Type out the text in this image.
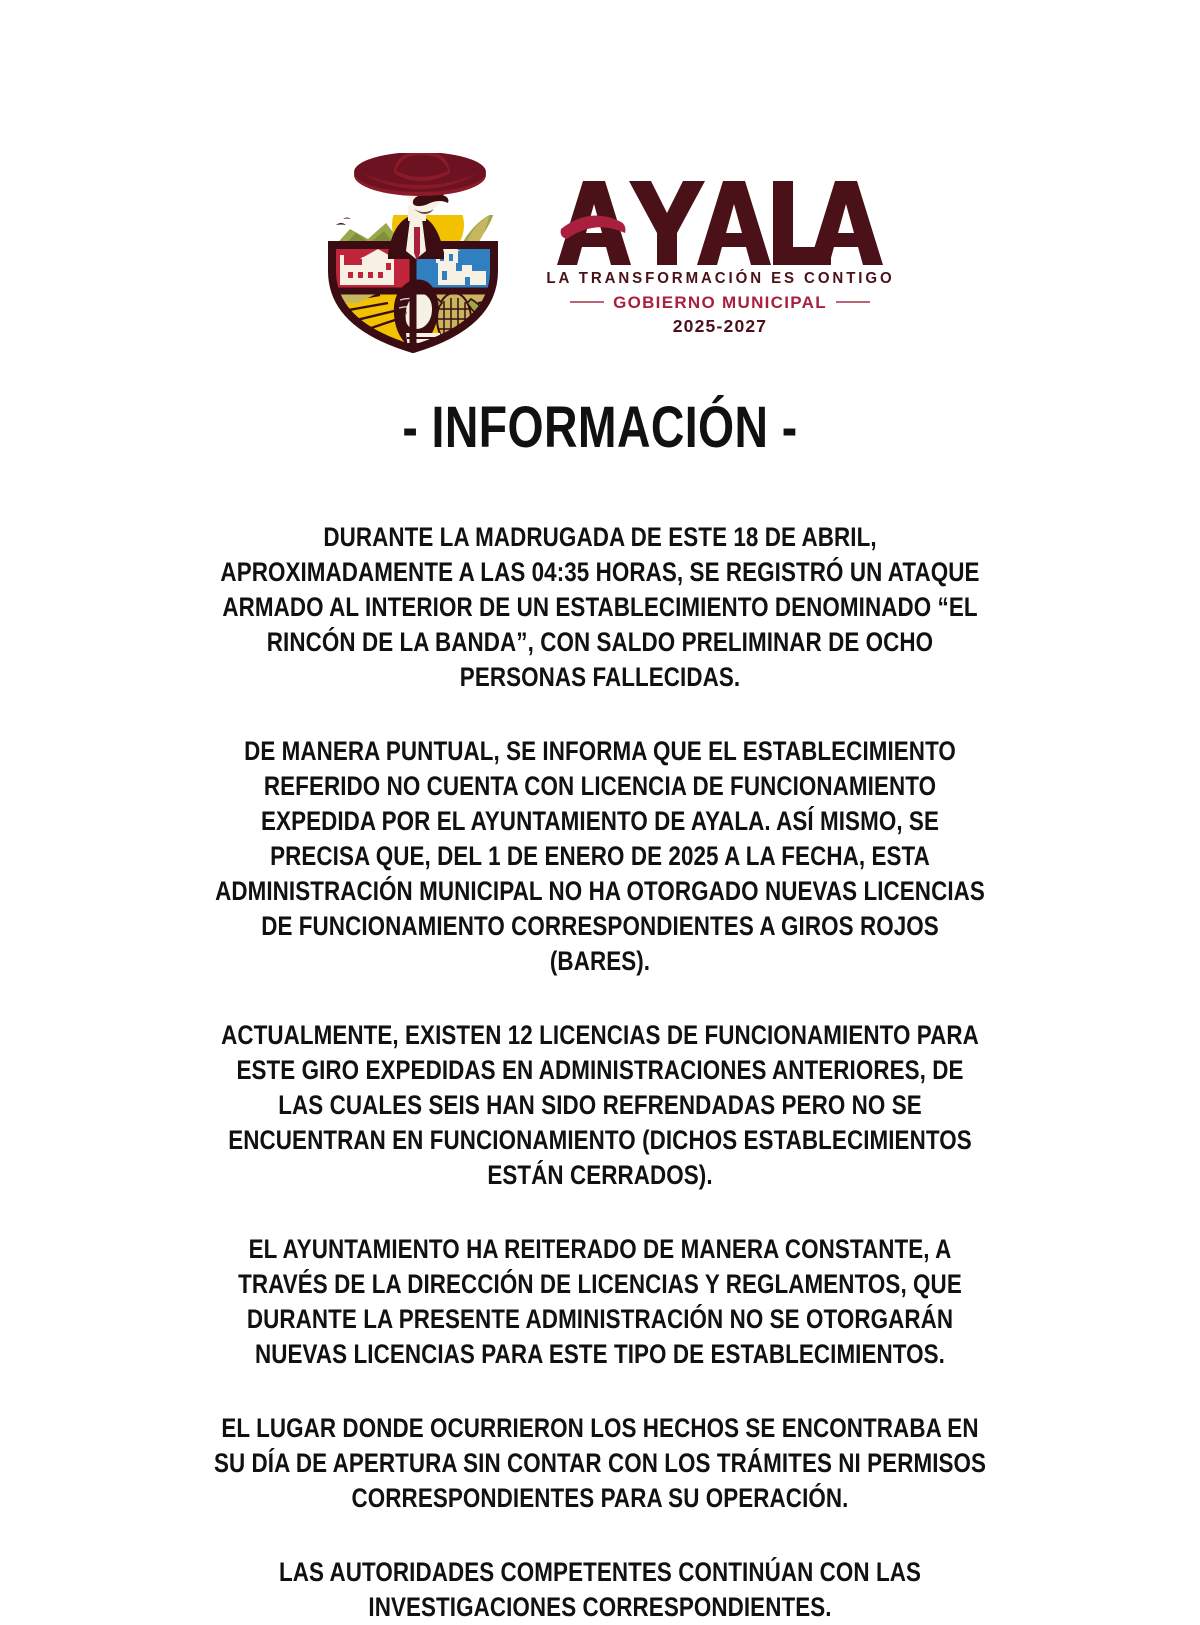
LA TRANSFORMACIÓN ES CONTIGO
GOBIERNO MUNICIPAL
2025-2027
- INFORMACIÓN -

DURANTE LA MADRUGADA DE ESTE 18 DE ABRIL, APROXIMADAMENTE A LAS 04:35 HORAS, SE REGISTRÓ UN ATAQUE ARMADO AL INTERIOR DE UN ESTABLECIMIENTO DENOMINADO “EL RINCÓN DE LA BANDA”, CON SALDO PRELIMINAR DE OCHO PERSONAS FALLECIDAS.

DE MANERA PUNTUAL, SE INFORMA QUE EL ESTABLECIMIENTO REFERIDO NO CUENTA CON LICENCIA DE FUNCIONAMIENTO EXPEDIDA POR EL AYUNTAMIENTO DE AYALA. ASÍ MISMO, SE PRECISA QUE, DEL 1 DE ENERO DE 2025 A LA FECHA, ESTA ADMINISTRACIÓN MUNICIPAL NO HA OTORGADO NUEVAS LICENCIAS DE FUNCIONAMIENTO CORRESPONDIENTES A GIROS ROJOS (BARES).

ACTUALMENTE, EXISTEN 12 LICENCIAS DE FUNCIONAMIENTO PARA ESTE GIRO EXPEDIDAS EN ADMINISTRACIONES ANTERIORES, DE LAS CUALES SEIS HAN SIDO REFRENDADAS PERO NO SE ENCUENTRAN EN FUNCIONAMIENTO (DICHOS ESTABLECIMIENTOS ESTÁN CERRADOS).

EL AYUNTAMIENTO HA REITERADO DE MANERA CONSTANTE, A TRAVÉS DE LA DIRECCIÓN DE LICENCIAS Y REGLAMENTOS, QUE DURANTE LA PRESENTE ADMINISTRACIÓN NO SE OTORGARÁN NUEVAS LICENCIAS PARA ESTE TIPO DE ESTABLECIMIENTOS.

EL LUGAR DONDE OCURRIERON LOS HECHOS SE ENCONTRABA EN SU DÍA DE APERTURA SIN CONTAR CON LOS TRÁMITES NI PERMISOS CORRESPONDIENTES PARA SU OPERACIÓN.

LAS AUTORIDADES COMPETENTES CONTINÚAN CON LAS INVESTIGACIONES CORRESPONDIENTES.
